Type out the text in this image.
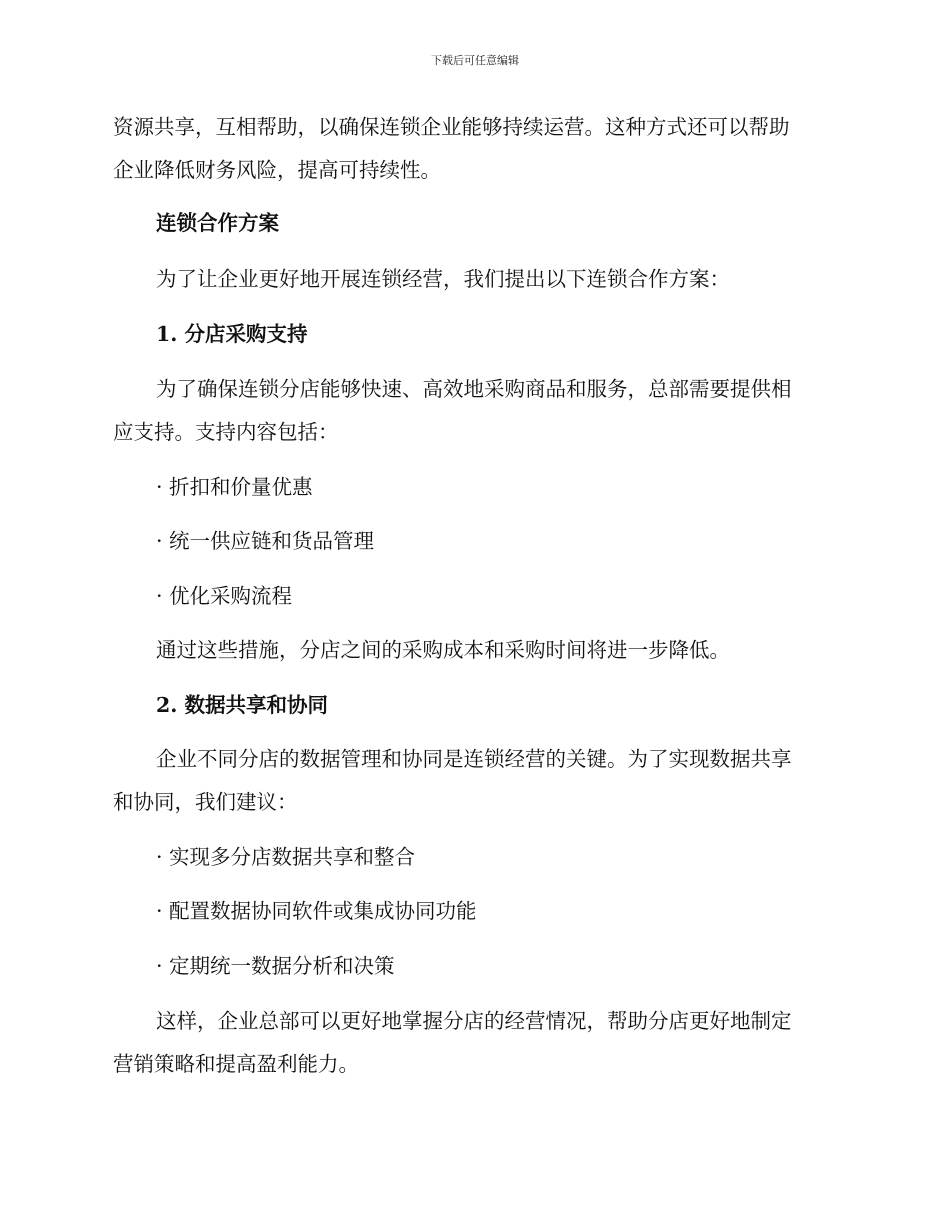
下载后可任意编辑

资源共享，互相帮助，以确保连锁企业能够持续运营。这种方式还可以帮助

企业降低财务风险，提高可持续性。

连锁合作方案

为了让企业更好地开展连锁经营，我们提出以下连锁合作方案：

1. 分店采购支持

为了确保连锁分店能够快速、高效地采购商品和服务，总部需要提供相

应支持。支持内容包括：

· 折扣和价量优惠

· 统一供应链和货品管理

· 优化采购流程

通过这些措施，分店之间的采购成本和采购时间将进一步降低。

2. 数据共享和协同

企业不同分店的数据管理和协同是连锁经营的关键。为了实现数据共享

和协同，我们建议：

· 实现多分店数据共享和整合

· 配置数据协同软件或集成协同功能

· 定期统一数据分析和决策

这样，企业总部可以更好地掌握分店的经营情况，帮助分店更好地制定

营销策略和提高盈利能力。
